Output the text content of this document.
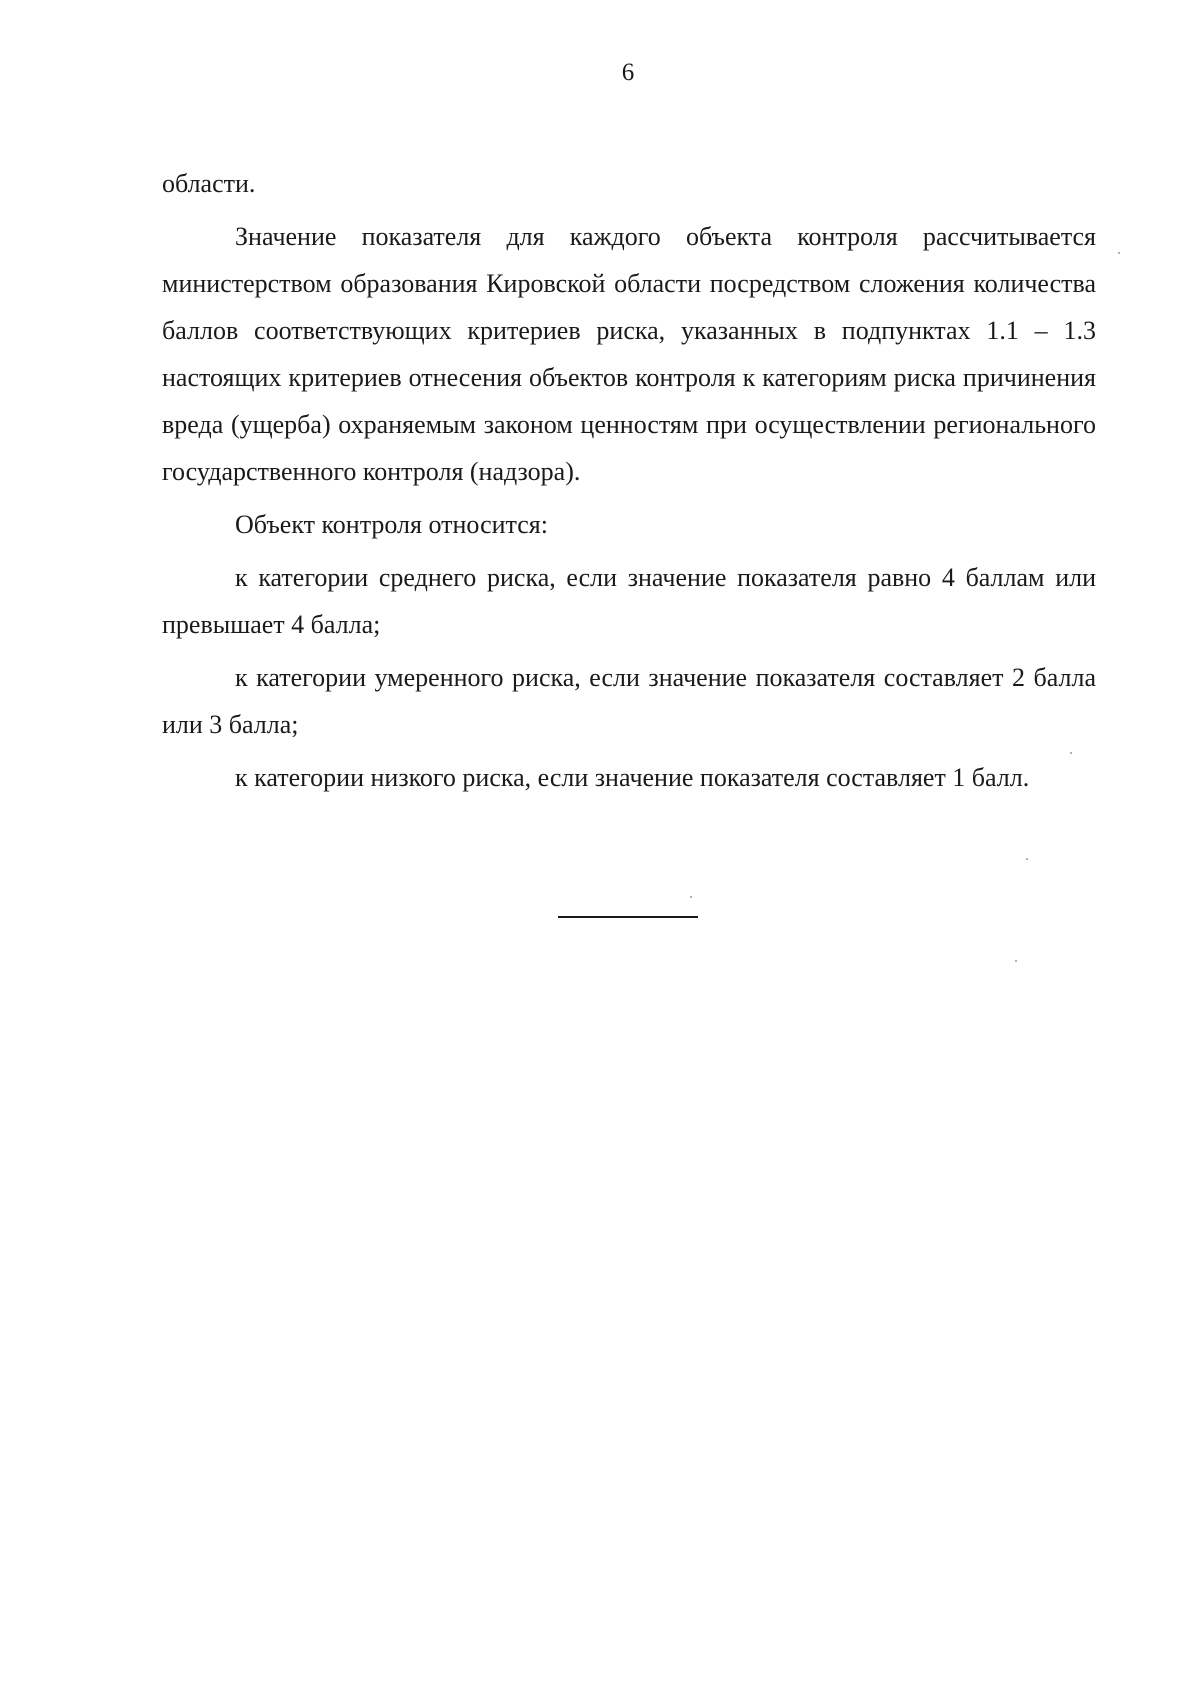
6

области.

Значение показателя для каждого объекта контроля рассчитывается министерством образования Кировской области посредством сложения количества баллов соответствующих критериев риска, указанных в подпунктах 1.1 – 1.3 настоящих критериев отнесения объектов контроля к категориям риска причинения вреда (ущерба) охраняемым законом ценностям при осуществлении регионального государственного контроля (надзора).

Объект контроля относится:

к категории среднего риска, если значение показателя равно 4 баллам или превышает 4 балла;

к категории умеренного риска, если значение показателя составляет 2 балла или 3 балла;

к категории низкого риска, если значение показателя составляет 1 балл.
